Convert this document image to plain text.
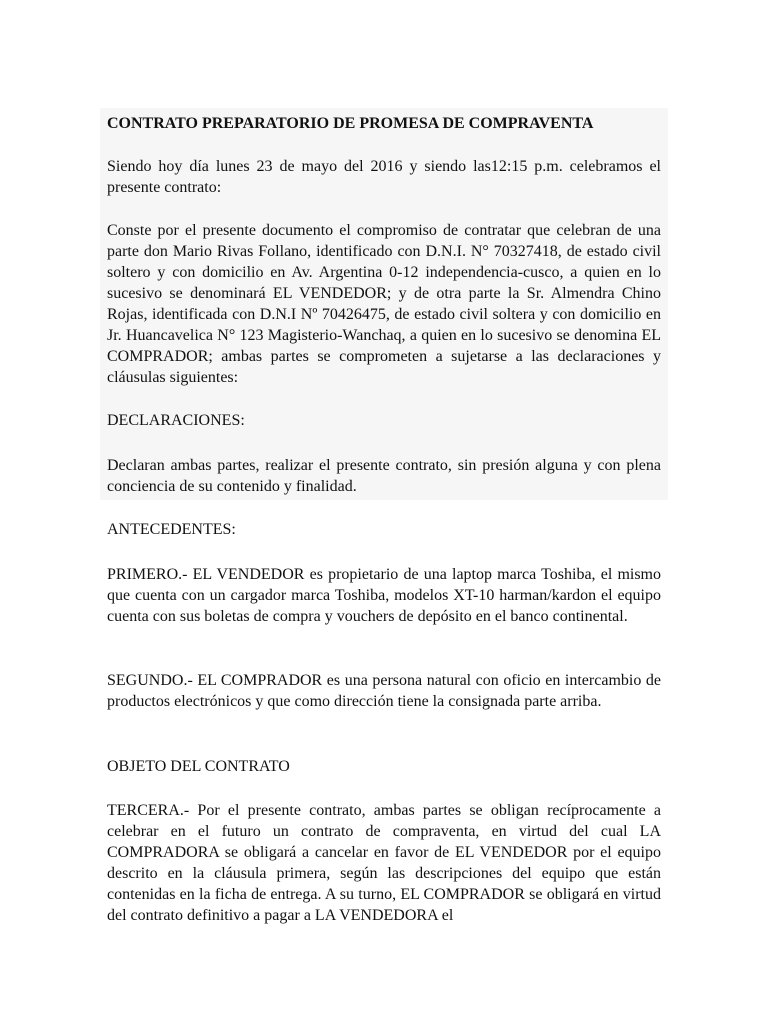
CONTRATO PREPARATORIO DE PROMESA DE COMPRAVENTA

Siendo hoy día lunes 23 de mayo del 2016 y siendo las12:15 p.m. celebramos el presente contrato:

Conste por el presente documento el compromiso de contratar que celebran de una parte don Mario Rivas Follano, identificado con D.N.I. N° 70327418, de estado civil soltero y con domicilio en Av. Argentina 0-12 independencia-cusco, a quien en lo sucesivo se denominará EL VENDEDOR; y de otra parte la Sr. Almendra Chino Rojas, identificada con D.N.I Nº 70426475, de estado civil soltera y con domicilio en Jr. Huancavelica N° 123 Magisterio-Wanchaq, a quien en lo sucesivo se denomina EL COMPRADOR; ambas partes se comprometen a sujetarse a las declaraciones y cláusulas siguientes:

DECLARACIONES:

Declaran ambas partes, realizar el presente contrato, sin presión alguna y con plena conciencia de su contenido y finalidad.

ANTECEDENTES:

PRIMERO.- EL VENDEDOR es propietario de una laptop marca Toshiba, el mismo que cuenta con un cargador marca Toshiba, modelos XT-10 harman/kardon el equipo cuenta con sus boletas de compra y vouchers de depósito en el banco continental.

SEGUNDO.- EL COMPRADOR es una persona natural con oficio en intercambio de productos electrónicos y que como dirección tiene la consignada parte arriba.

OBJETO DEL CONTRATO

TERCERA.- Por el presente contrato, ambas partes se obligan recíprocamente a celebrar en el futuro un contrato de compraventa, en virtud del cual LA COMPRADORA se obligará a cancelar en favor de EL VENDEDOR por el equipo descrito en la cláusula primera, según las descripciones del equipo que están contenidas en la ficha de entrega. A su turno, EL COMPRADOR se obligará en virtud del contrato definitivo a pagar a LA VENDEDORA el
